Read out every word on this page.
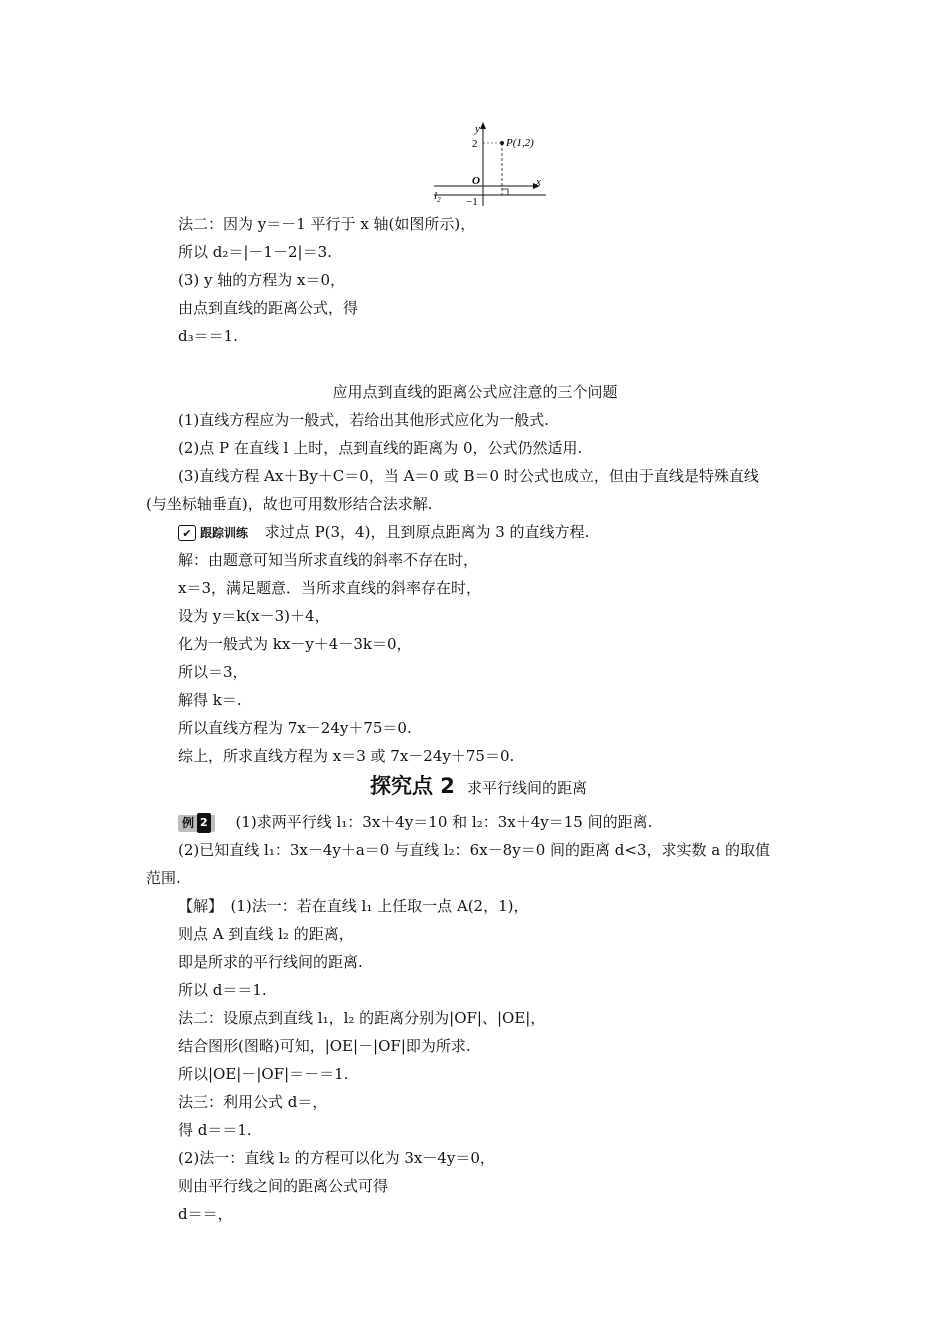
y
x
2
−1
O
P(1,2)
$l_2$
法二：因为 y＝－1 平行于 x 轴(如图所示)，
所以 d₂＝|－1－2|＝3.
(3) y 轴的方程为 x＝0，
由点到直线的距离公式，得
d₃＝＝1.
应用点到直线的距离公式应注意的三个问题
(1)直线方程应为一般式，若给出其他形式应化为一般式.
(2)点 P 在直线 l 上时，点到直线的距离为 0，公式仍然适用.
(3)直线方程 Ax＋By＋C＝0，当 A＝0 或 B＝0 时公式也成立，但由于直线是特殊直线
(与坐标轴垂直)，故也可用数形结合法求解.
✔ 跟踪训练 求过点 P(3，4)，且到原点距离为 3 的直线方程.
解：由题意可知当所求直线的斜率不存在时，
x＝3，满足题意．当所求直线的斜率存在时，
设为 y＝k(x－3)＋4，
化为一般式为 kx－y＋4－3k＝0，
所以＝3，
解得 k＝.
所以直线方程为 7x－24y＋75＝0.
综上，所求直线方程为 x＝3 或 7x－24y＋75＝0.
探究点 2 求平行线间的距离
例 2 (1)求两平行线 l₁：3x＋4y＝10 和 l₂：3x＋4y＝15 间的距离.
(2)已知直线 l₁：3x－4y＋a＝0 与直线 l₂：6x－8y＝0 间的距离 d<3，求实数 a 的取值
范围.
【解】　(1)法一：若在直线 l₁ 上任取一点 A(2，1)，
则点 A 到直线 l₂ 的距离，
即是所求的平行线间的距离.
所以 d＝＝1.
法二：设原点到直线 l₁，l₂ 的距离分别为|OF|、|OE|，
结合图形(图略)可知，|OE|－|OF|即为所求.
所以|OE|－|OF|＝－＝1.
法三：利用公式 d＝，
得 d＝＝1.
(2)法一：直线 l₂ 的方程可以化为 3x－4y＝0，
则由平行线之间的距离公式可得
d＝＝，
